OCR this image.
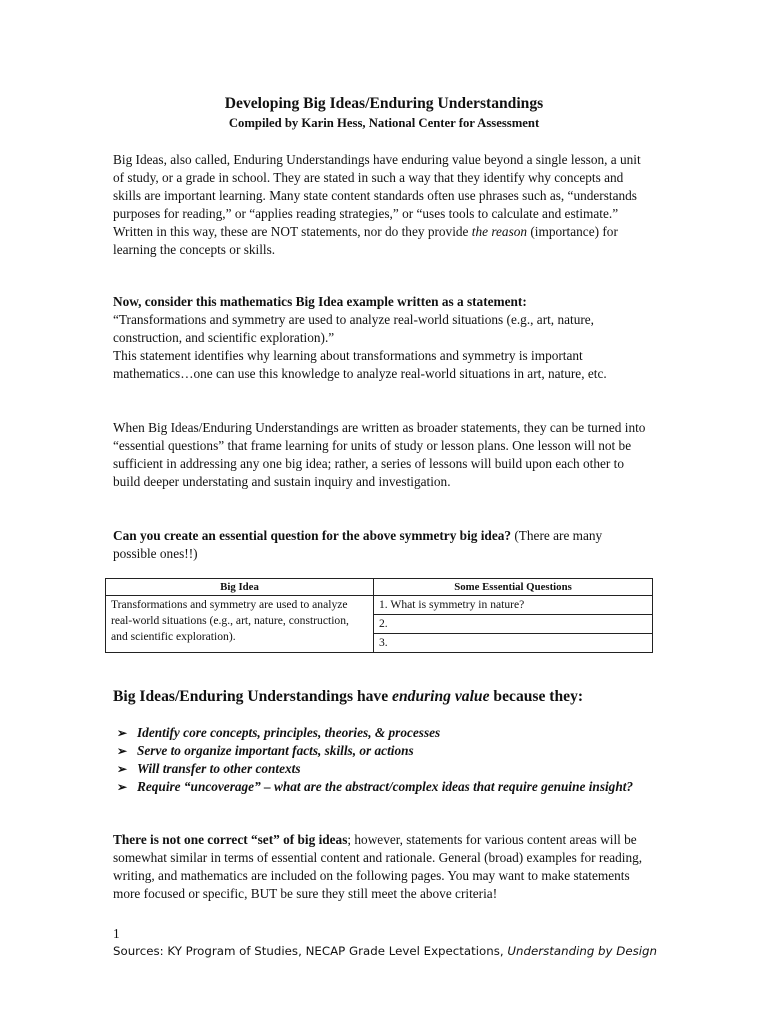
Developing Big Ideas/Enduring Understandings
Compiled by Karin Hess, National Center for Assessment

Big Ideas, also called, Enduring Understandings have enduring value beyond a single lesson, a unit of study, or a grade in school. They are stated in such a way that they identify why concepts and skills are important learning. Many state content standards often use phrases such as, “understands purposes for reading,” or “applies reading strategies,” or “uses tools to calculate and estimate.” Written in this way, these are NOT statements, nor do they provide the reason (importance) for learning the concepts or skills.

Now, consider this mathematics Big Idea example written as a statement:
“Transformations and symmetry are used to analyze real-world situations (e.g., art, nature, construction, and scientific exploration).”
This statement identifies why learning about transformations and symmetry is important mathematics…one can use this knowledge to analyze real-world situations in art, nature, etc.

When Big Ideas/Enduring Understandings are written as broader statements, they can be turned into “essential questions” that frame learning for units of study or lesson plans. One lesson will not be sufficient in addressing any one big idea; rather, a series of lessons will build upon each other to build deeper understating and sustain inquiry and investigation.

Can you create an essential question for the above symmetry big idea? (There are many possible ones!!)

Big Idea	Some Essential Questions
Transformations and symmetry are used to analyze real-world situations (e.g., art, nature, construction, and scientific exploration).	1. What is symmetry in nature?
	2.
	3.
Big Ideas/Enduring Understandings have enduring value because they:
➢ Identify core concepts, principles, theories, & processes
➢ Serve to organize important facts, skills, or actions
➢ Will transfer to other contexts
➢ Require “uncoverage” – what are the abstract/complex ideas that require genuine insight?

There is not one correct “set” of big ideas; however, statements for various content areas will be somewhat similar in terms of essential content and rationale. General (broad) examples for reading, writing, and mathematics are included on the following pages. You may want to make statements more focused or specific, BUT be sure they still meet the above criteria!

1
Sources: KY Program of Studies, NECAP Grade Level Expectations, Understanding by Design
